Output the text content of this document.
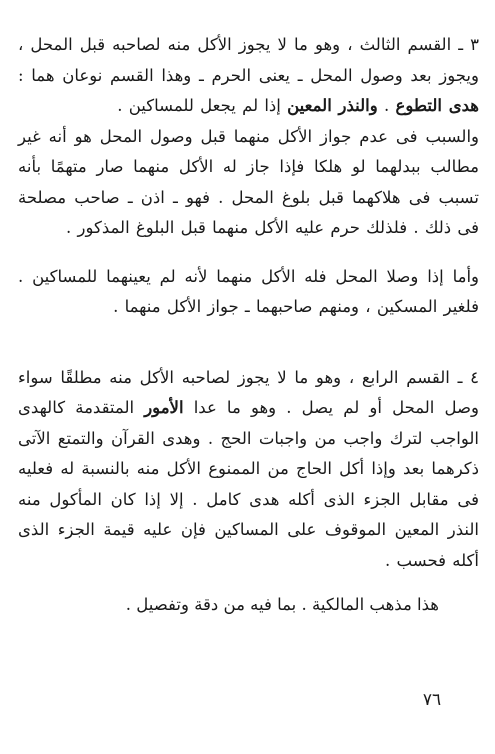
٣ ـ القسم الثالث ، وهو ما لا يجوز الأكل منه لصاحبه قبل المحل ، ويجوز بعد وصول المحل ـ يعنى الحرم ـ وهذا القسم نوعان هما : هدى التطوع . والنذر المعين إذا لم يجعل للمساكين .

والسبب فى عدم جواز الأكل منهما قبل وصول المحل هو أنه غير مطالب ببدلهما لو هلكا فإذا جاز له الأكل منهما صار متهمًا بأنه تسبب فى هلاكهما قبل بلوغ المحل . فهو ـ اذن ـ صاحب مصلحة فى ذلك . فلذلك حرم عليه الأكل منهما قبل البلوغ المذكور .

وأما إذا وصلا المحل فله الأكل منهما لأنه لم يعينهما للمساكين . فلغير المسكين ، ومنهم صاحبهما ـ جواز الأكل منهما .

٤ ـ القسم الرابع ، وهو ما لا يجوز لصاحبه الأكل منه مطلقًا سواء وصل المحل أو لم يصل . وهو ما عدا الأمور المتقدمة كالهدى الواجب لترك واجب من واجبات الحج . وهدى القرآن والتمتع الآتى ذكرهما بعد وإذا أكل الحاج من الممنوع الأكل منه بالنسبة له فعليه فى مقابل الجزء الذى أكله هدى كامل . إلا إذا كان المأكول منه النذر المعين الموقوف على المساكين فإن عليه قيمة الجزء الذى أكله فحسب .

هذا مذهب المالكية . بما فيه من دقة وتفصيل .

٧٦
